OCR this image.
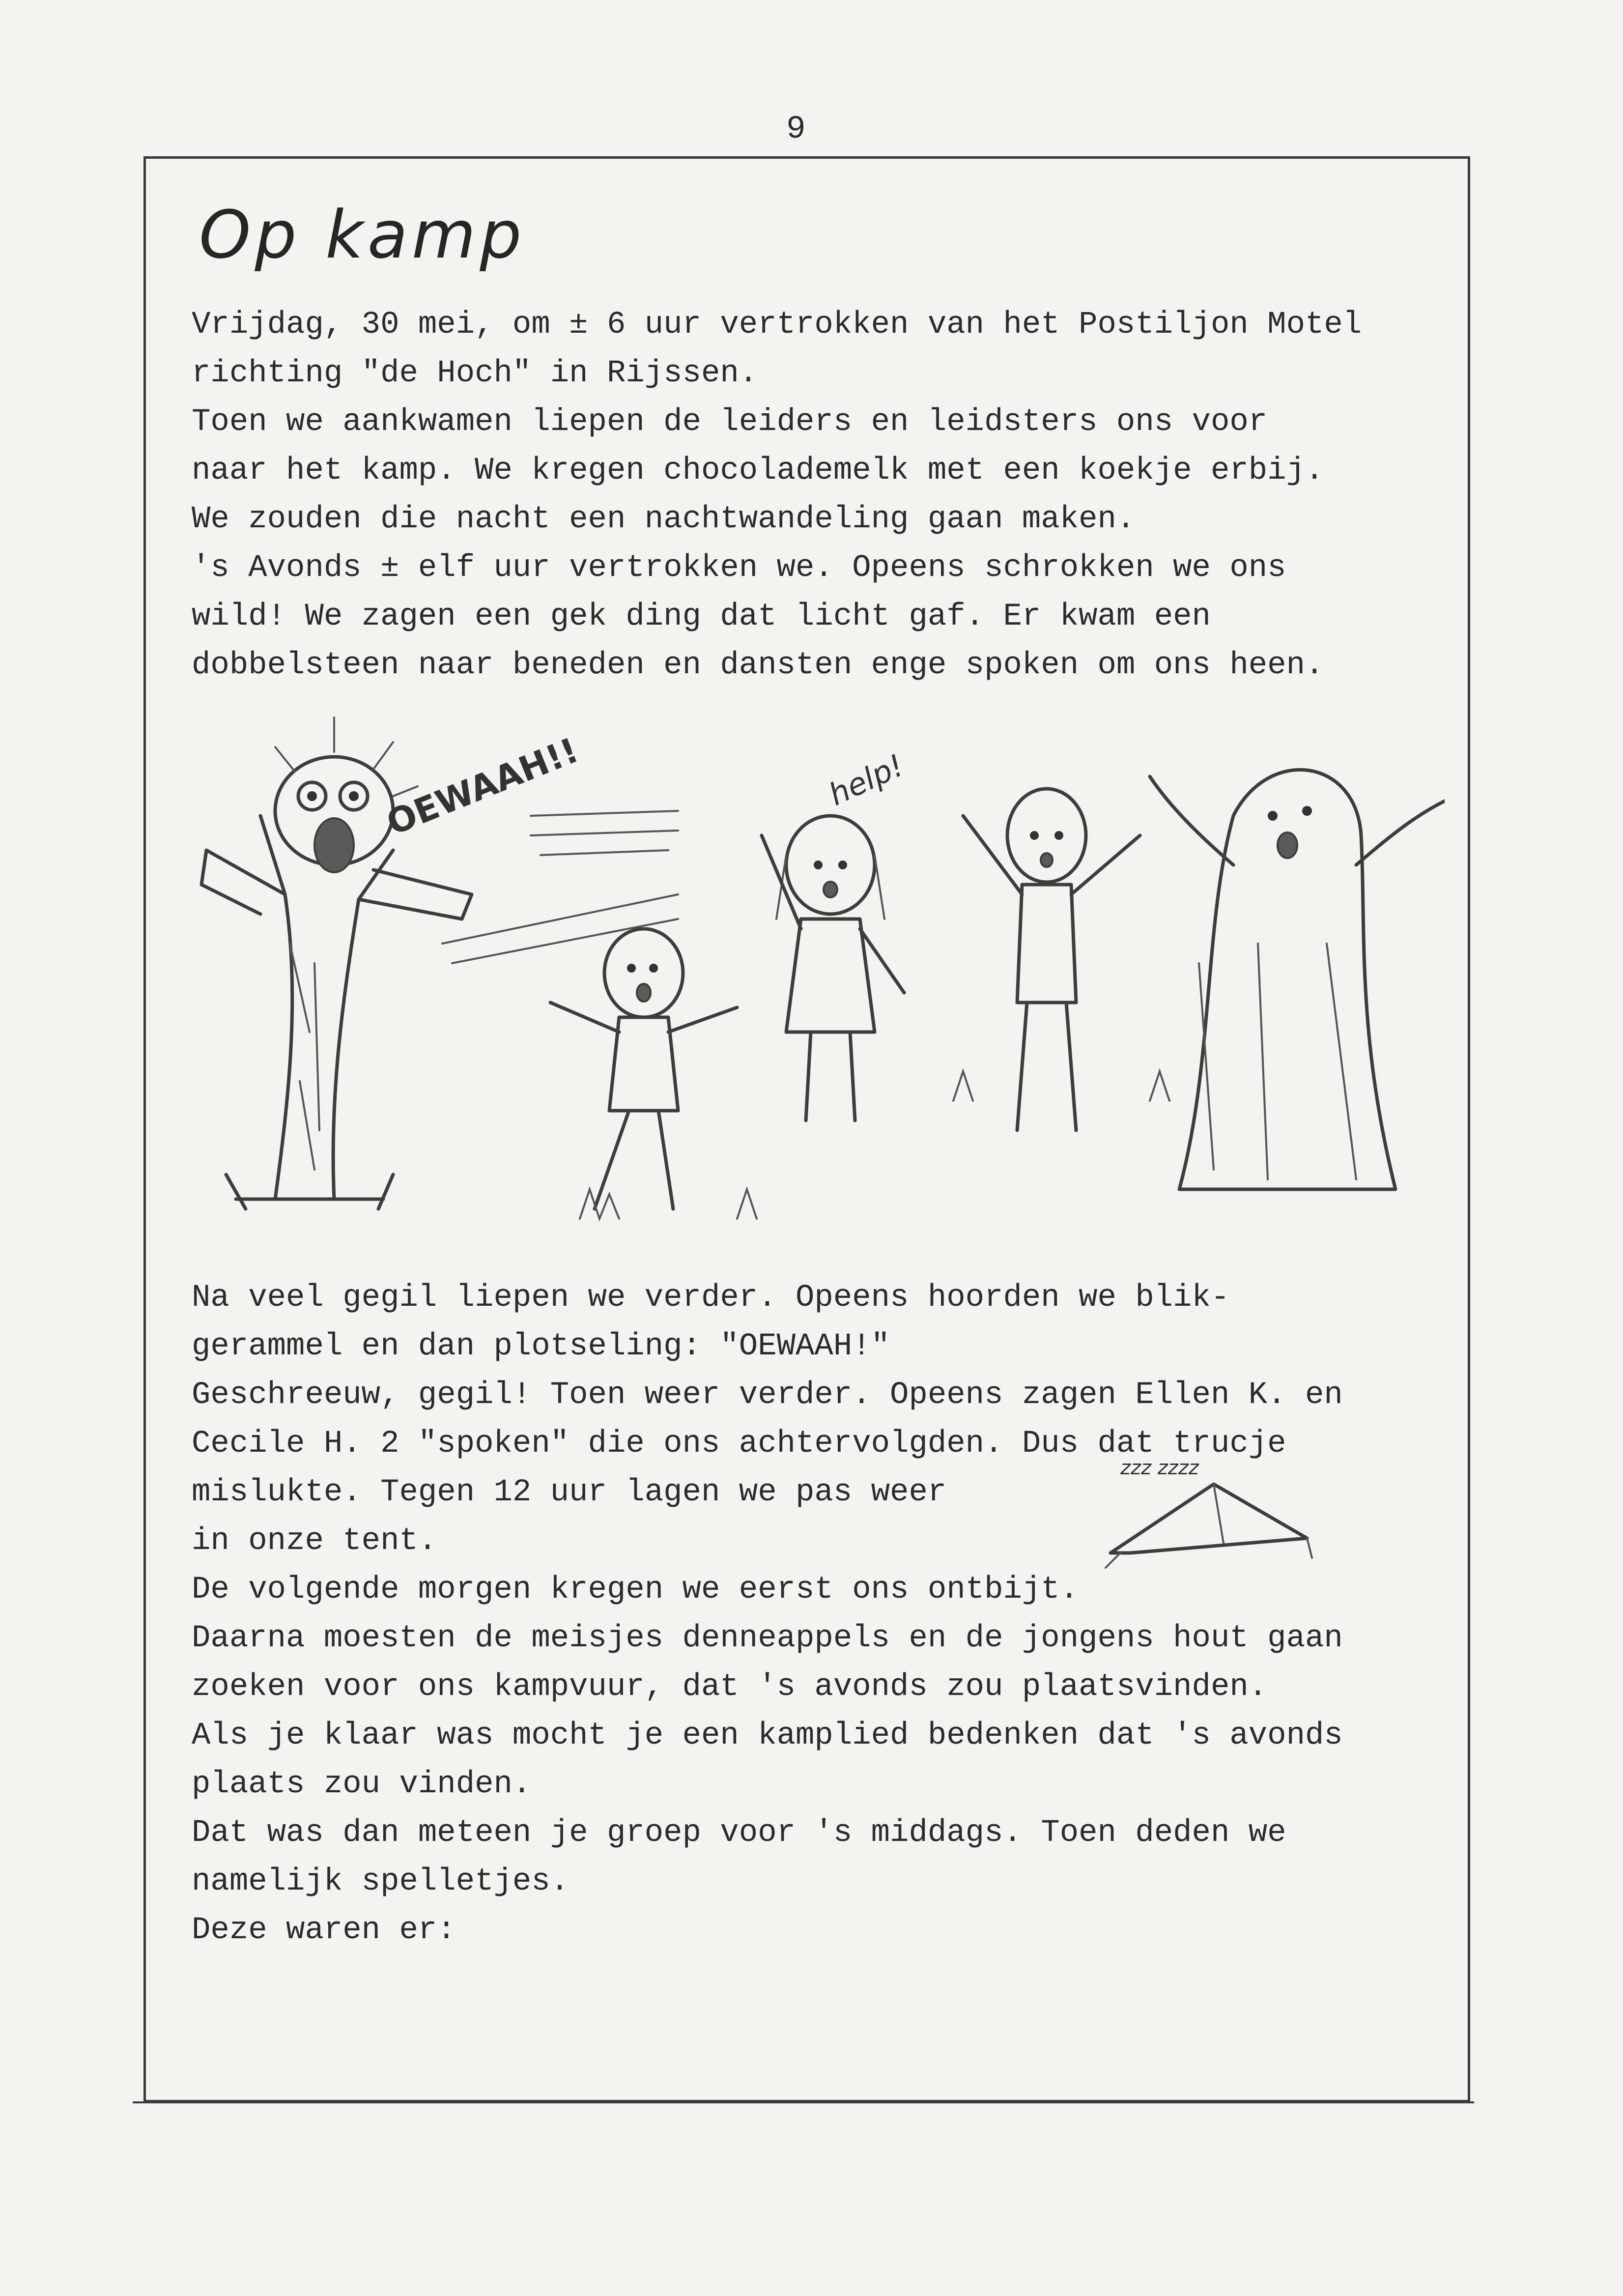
9
Op kamp

Vrijdag, 30 mei, om ± 6 uur vertrokken van het Postiljon Motel
richting "de Hoch" in Rijssen.
Toen we aankwamen liepen de leiders en leidsters ons voor
naar het kamp. We kregen chocolademelk met een koekje erbij.
We zouden die nacht een nachtwandeling gaan maken.
's Avonds ± elf uur vertrokken we. Opeens schrokken we ons
wild! We zagen een gek ding dat licht gaf. Er kwam een
dobbelsteen naar beneden en dansten enge spoken om ons heen.

OEWAAH!!	help!

Na veel gegil liepen we verder. Opeens hoorden we blik-
gerammel en dan plotseling: "OEWAAH!"
Geschreeuw, gegil! Toen weer verder. Opeens zagen Ellen K. en
Cecile H. 2 "spoken" die ons achtervolgden. Dus dat trucje
mislukte. Tegen 12 uur lagen we pas weer
in onze tent.
De volgende morgen kregen we eerst ons ontbijt.
Daarna moesten de meisjes denneappels en de jongens hout gaan
zoeken voor ons kampvuur, dat 's avonds zou plaatsvinden.
Als je klaar was mocht je een kamplied bedenken dat 's avonds
plaats zou vinden.
Dat was dan meteen je groep voor 's middags. Toen deden we
namelijk spelletjes.
Deze waren er:

zzz zzzz
